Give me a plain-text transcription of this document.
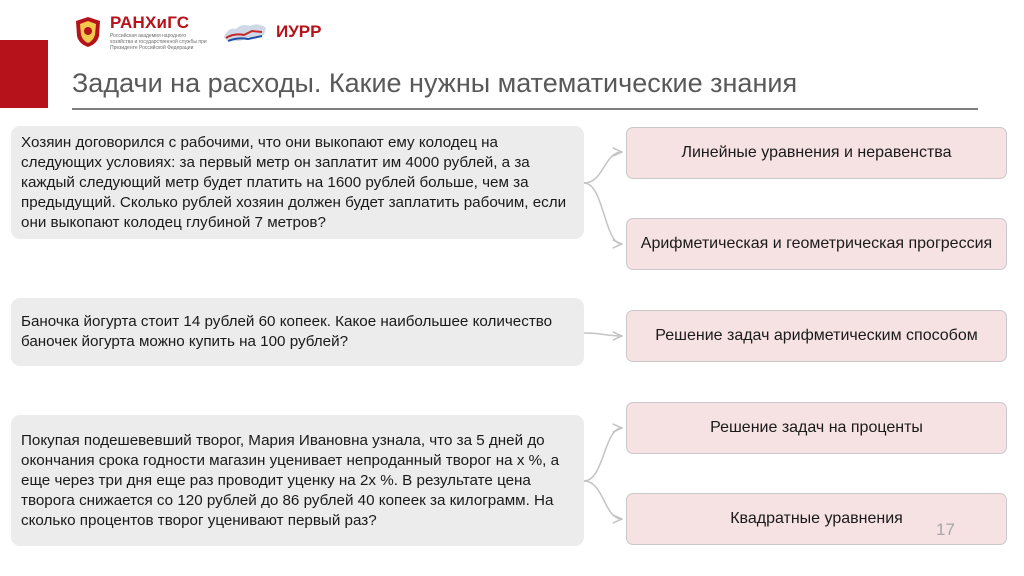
РАНХиГС
Российская академия народного хозяйства и государственной службы при Президенте Российской Федерации
ИУРР
Задачи на расходы. Какие нужны математические знания
Хозяин договорился с рабочими, что они выкопают ему колодец на следующих условиях: за первый метр он заплатит им 4000 рублей, а за каждый следующий метр будет платить на 1600 рублей больше, чем за предыдущий. Сколько рублей хозяин должен будет заплатить рабочим, если они выкопают колодец глубиной 7 метров?
Баночка йогурта стоит 14 рублей 60 копеек. Какое наибольшее количество баночек йогурта можно купить на 100 рублей?
Покупая подешевевший творог, Мария Ивановна узнала, что за 5 дней до окончания срока годности магазин уценивает непроданный творог на x %, а еще через три дня еще раз проводит уценку на 2x %. В результате цена творога снижается со 120 рублей до 86 рублей 40 копеек за килограмм. На сколько процентов творог уценивают первый раз?
Линейные уравнения и неравенства
Арифметическая и геометрическая прогрессия
Решение задач арифметическим способом
Решение задач на проценты
Квадратные уравнения
17
